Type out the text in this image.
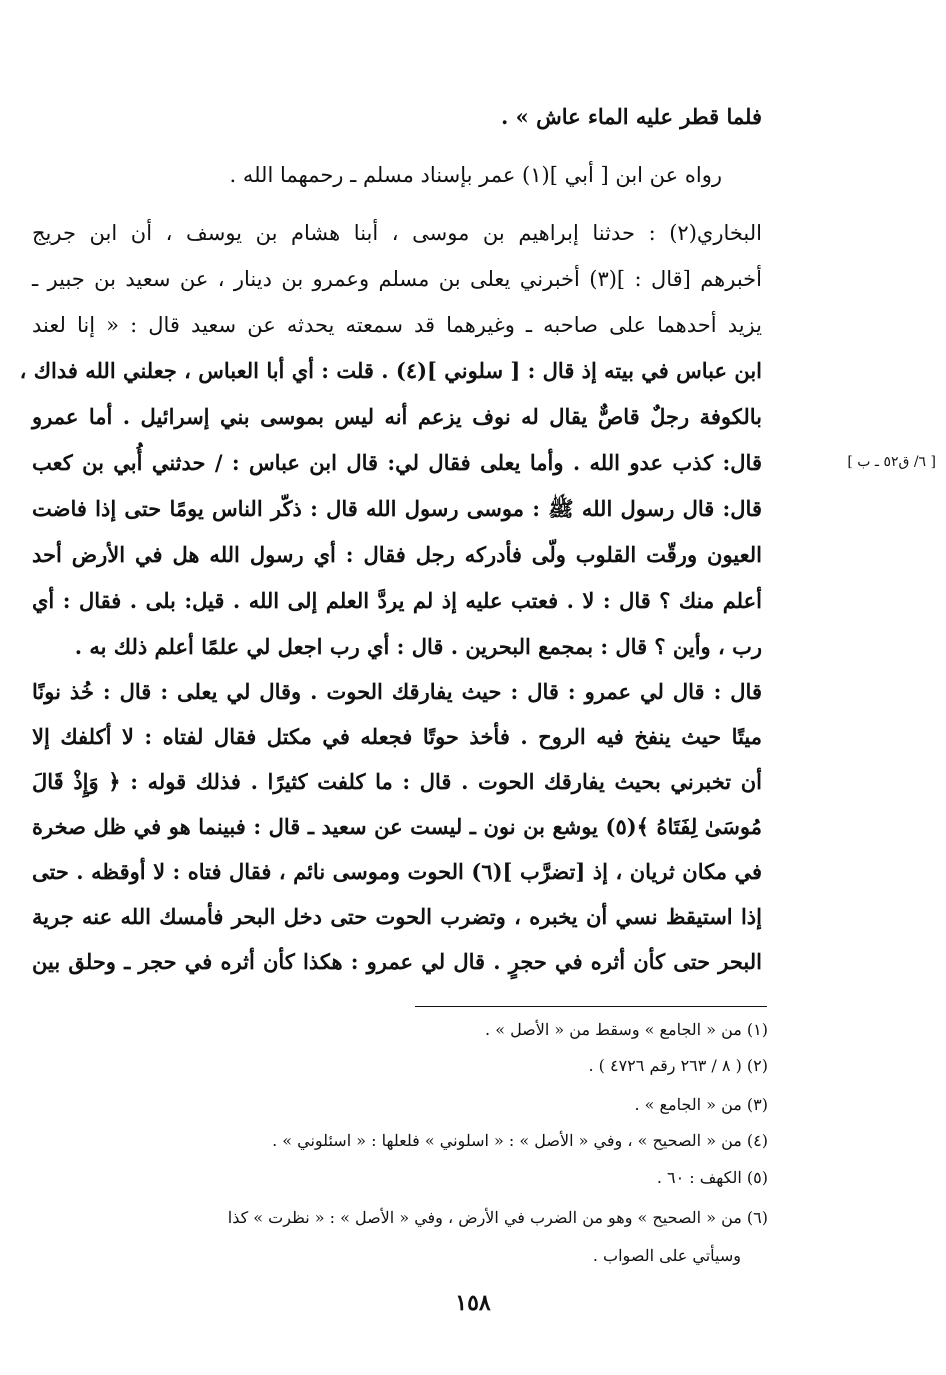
فلما قطر عليه الماء عاش » .
رواه عن ابن [ أبي ](١) عمر بإسناد مسلم ـ رحمهما الله .
البخاري(٢) : حدثنا إبراهيم بن موسى ، أبنا هشام بن يوسف ، أن ابن جريج
أخبرهم [قال : ](٣) أخبرني يعلى بن مسلم وعمرو بن دينار ، عن سعيد بن جبير ـ
يزيد أحدهما على صاحبه ـ وغيرهما قد سمعته يحدثه عن سعيد قال : « إنا لعند
ابن عباس في بيته إذ قال : [ سلوني ](٤) . قلت : أي أبا العباس ، جعلني الله فداك ،
بالكوفة رجلٌ قاصٌّ يقال له نوف يزعم أنه ليس بموسى بني إسرائيل . أما عمرو
قال: كذب عدو الله . وأما يعلى فقال لي: قال ابن عباس : / حدثني أُبي بن كعب
قال: قال رسول الله ﷺ : موسى رسول الله قال : ذكّر الناس يومًا حتى إذا فاضت
العيون ورقّت القلوب ولّى فأدركه رجل فقال : أي رسول الله هل في الأرض أحد
أعلم منك ؟ قال : لا . فعتب عليه إذ لم يردَّ العلم إلى الله . قيل: بلى . فقال : أي
رب ، وأين ؟ قال : بمجمع البحرين . قال : أي رب اجعل لي علمًا أعلم ذلك به .
قال : قال لي عمرو : قال : حيث يفارقك الحوت . وقال لي يعلى : قال : خُذ نونًا
ميتًا حيث ينفخ فيه الروح . فأخذ حوتًا فجعله في مكتل فقال لفتاه : لا أكلفك إلا
أن تخبرني بحيث يفارقك الحوت . قال : ما كلفت كثيرًا . فذلك قوله : ﴿ وَإِذْ قَالَ
مُوسَىٰ لِفَتَاهُ ﴾(٥) يوشع بن نون ـ ليست عن سعيد ـ قال : فبينما هو في ظل صخرة
في مكان ثريان ، إذ [تضرَّب ](٦) الحوت وموسى نائم ، فقال فتاه : لا أوقظه . حتى
إذا استيقظ نسي أن يخبره ، وتضرب الحوت حتى دخل البحر فأمسك الله عنه جرية
البحر حتى كأن أثره في حجرٍ . قال لي عمرو : هكذا كأن أثره في حجر ـ وحلق بين
[ ٦/ ق٥٢ ـ ب ]
(١) من « الجامع » وسقط من « الأصل » .
(٢) ( ٨ / ٢٦٣ رقم ٤٧٢٦ ) .
(٣) من « الجامع » .
(٤) من « الصحيح » ، وفي « الأصل » : « اسلوني » فلعلها : « اسئلوني » .
(٥) الكهف : ٦٠ .
(٦) من « الصحيح » وهو من الضرب في الأرض ، وفي « الأصل » : « نظرت » كذا
وسيأتي على الصواب .
١٥٨
